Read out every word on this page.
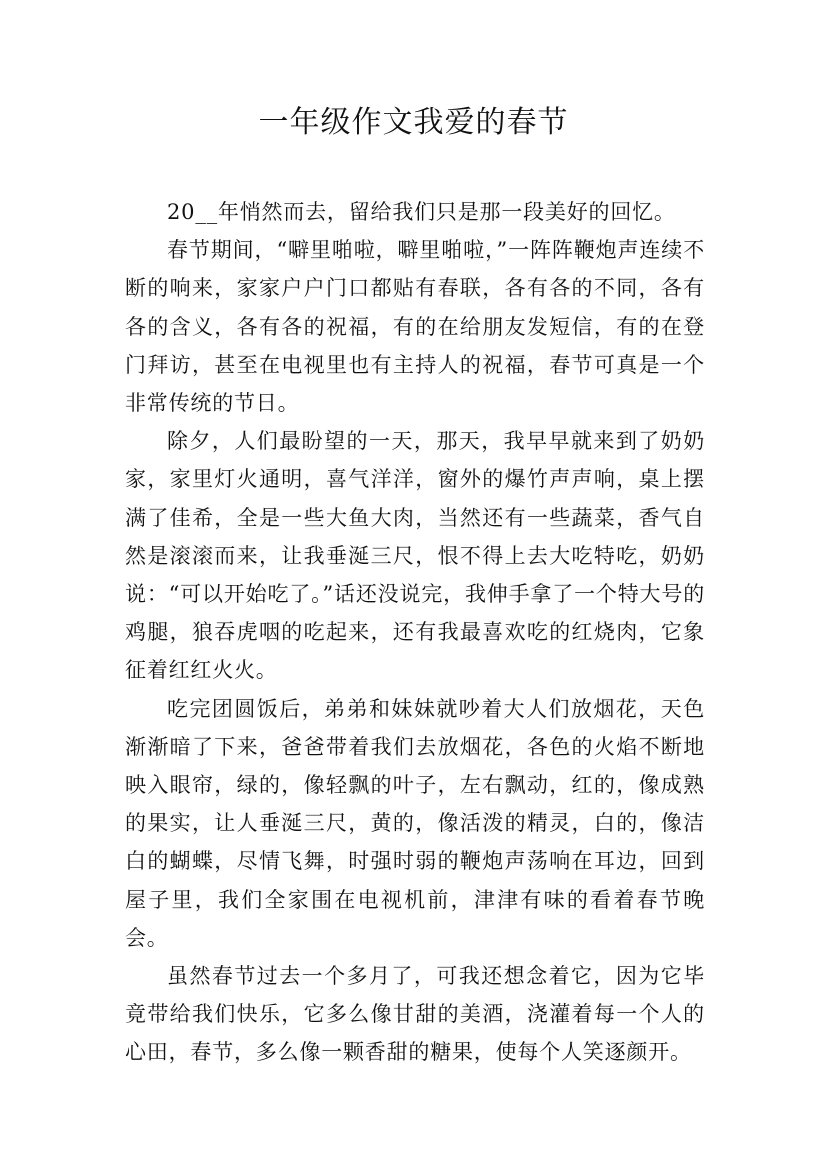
一年级作文我爱的春节

20__年悄然而去，留给我们只是那一段美好的回忆。

春节期间，“噼里啪啦，噼里啪啦，”一阵阵鞭炮声连续不断的响来，家家户户门口都贴有春联，各有各的不同，各有各的含义，各有各的祝福，有的在给朋友发短信，有的在登门拜访，甚至在电视里也有主持人的祝福，春节可真是一个非常传统的节日。

除夕，人们最盼望的一天，那天，我早早就来到了奶奶家，家里灯火通明，喜气洋洋，窗外的爆竹声声响，桌上摆满了佳希，全是一些大鱼大肉，当然还有一些蔬菜，香气自然是滚滚而来，让我垂涎三尺，恨不得上去大吃特吃，奶奶说：“可以开始吃了。”话还没说完，我伸手拿了一个特大号的鸡腿，狼吞虎咽的吃起来，还有我最喜欢吃的红烧肉，它象征着红红火火。

吃完团圆饭后，弟弟和妹妹就吵着大人们放烟花，天色渐渐暗了下来，爸爸带着我们去放烟花，各色的火焰不断地映入眼帘，绿的，像轻飘的叶子，左右飘动，红的，像成熟的果实，让人垂涎三尺，黄的，像活泼的精灵，白的，像洁白的蝴蝶，尽情飞舞，时强时弱的鞭炮声荡响在耳边，回到屋子里，我们全家围在电视机前，津津有味的看着春节晚会。

虽然春节过去一个多月了，可我还想念着它，因为它毕竟带给我们快乐，它多么像甘甜的美酒，浇灌着每一个人的心田，春节，多么像一颗香甜的糖果，使每个人笑逐颜开。
